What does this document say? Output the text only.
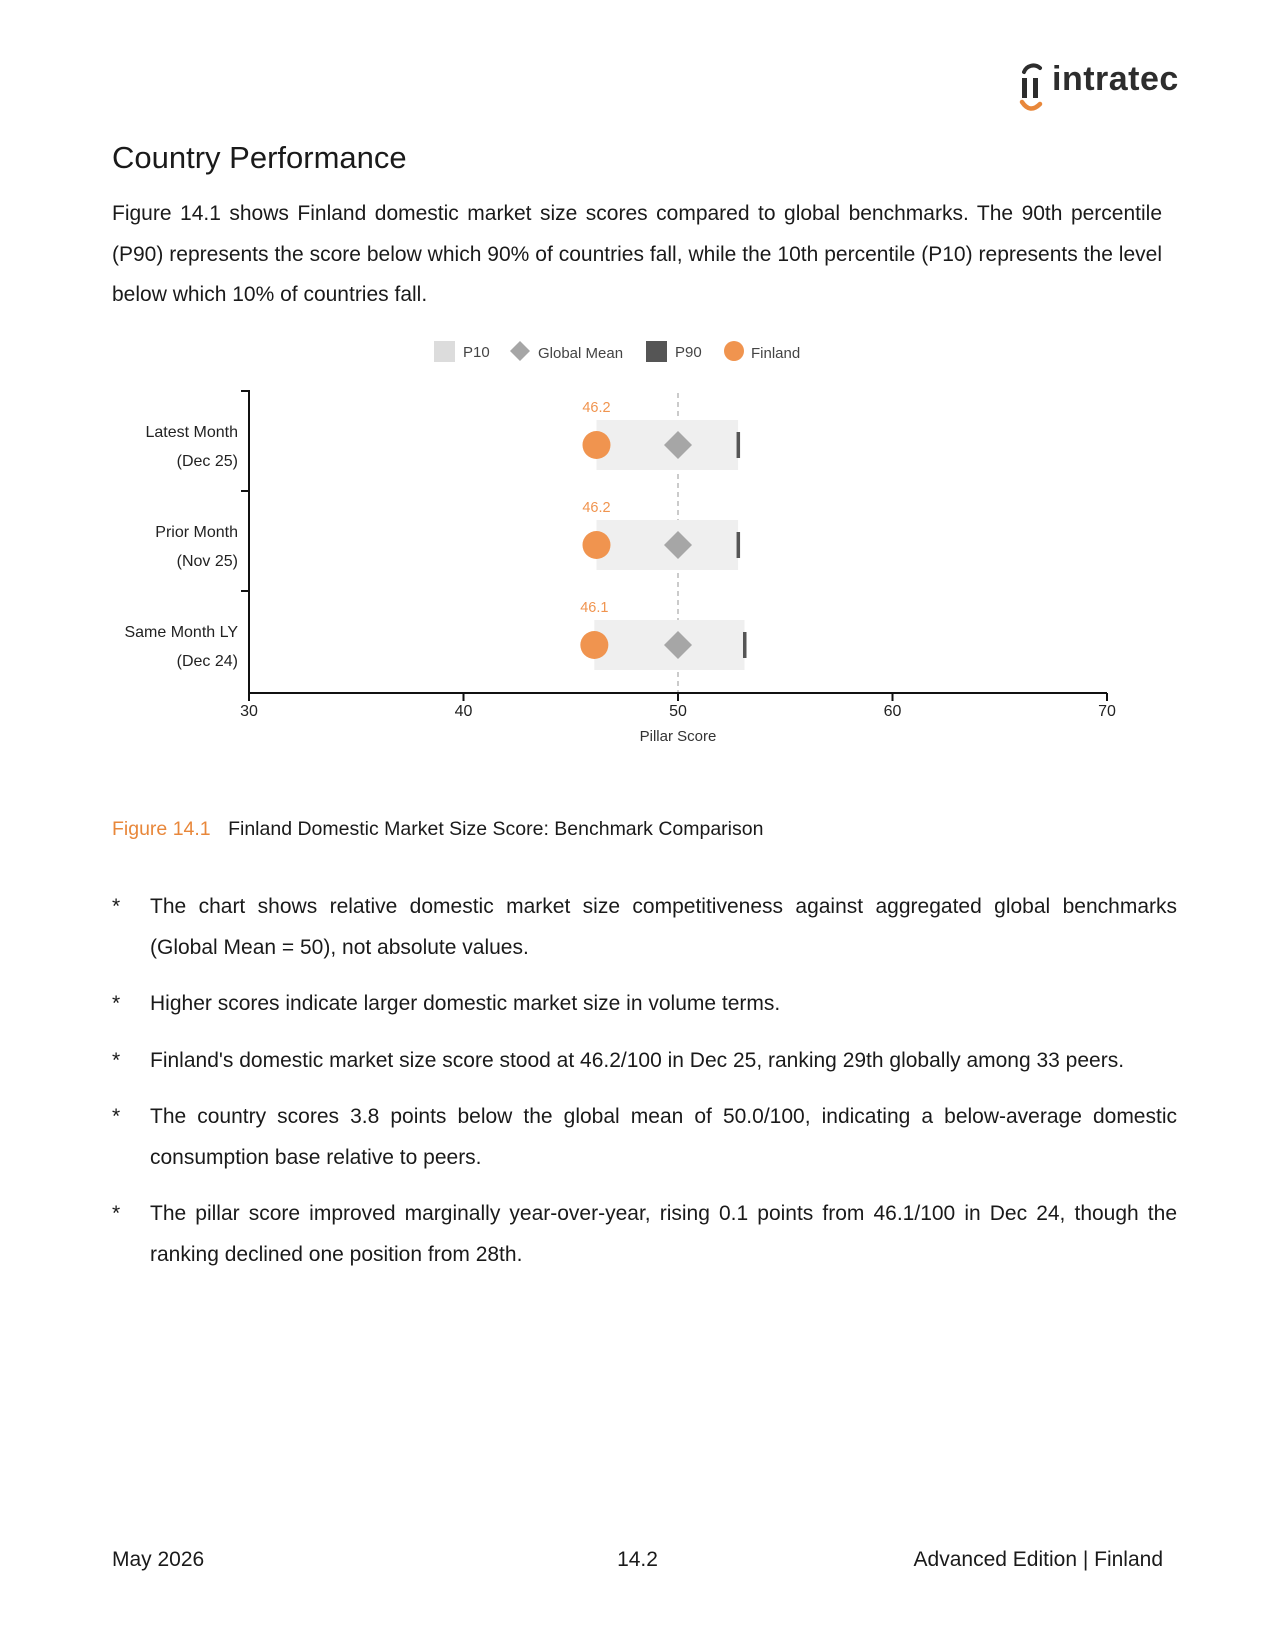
intratec
Country Performance

Figure 14.1 shows Finland domestic market size scores compared to global benchmarks. The 90th percentile (P90) represents the score below which 90% of countries fall, while the 10th percentile (P10) represents the level below which 10% of countries fall.

P10	Global Mean	P90	Finland
46.2
46.2
46.1
Latest Month
(Dec 25)
Prior Month
(Nov 25)
Same Month LY
(Dec 24)
30	40	50	60	70
Pillar Score
Figure 14.1 Finland Domestic Market Size Score: Benchmark Comparison
* The chart shows relative domestic market size competitiveness against aggregated global benchmarks (Global Mean = 50), not absolute values.
* Higher scores indicate larger domestic market size in volume terms.
* Finland's domestic market size score stood at 46.2/100 in Dec 25, ranking 29th globally among 33 peers.
* The country scores 3.8 points below the global mean of 50.0/100, indicating a below-average domestic consumption base relative to peers.
* The pillar score improved marginally year-over-year, rising 0.1 points from 46.1/100 in Dec 24, though the ranking declined one position from 28th.
May 2026	14.2	Advanced Edition | Finland
